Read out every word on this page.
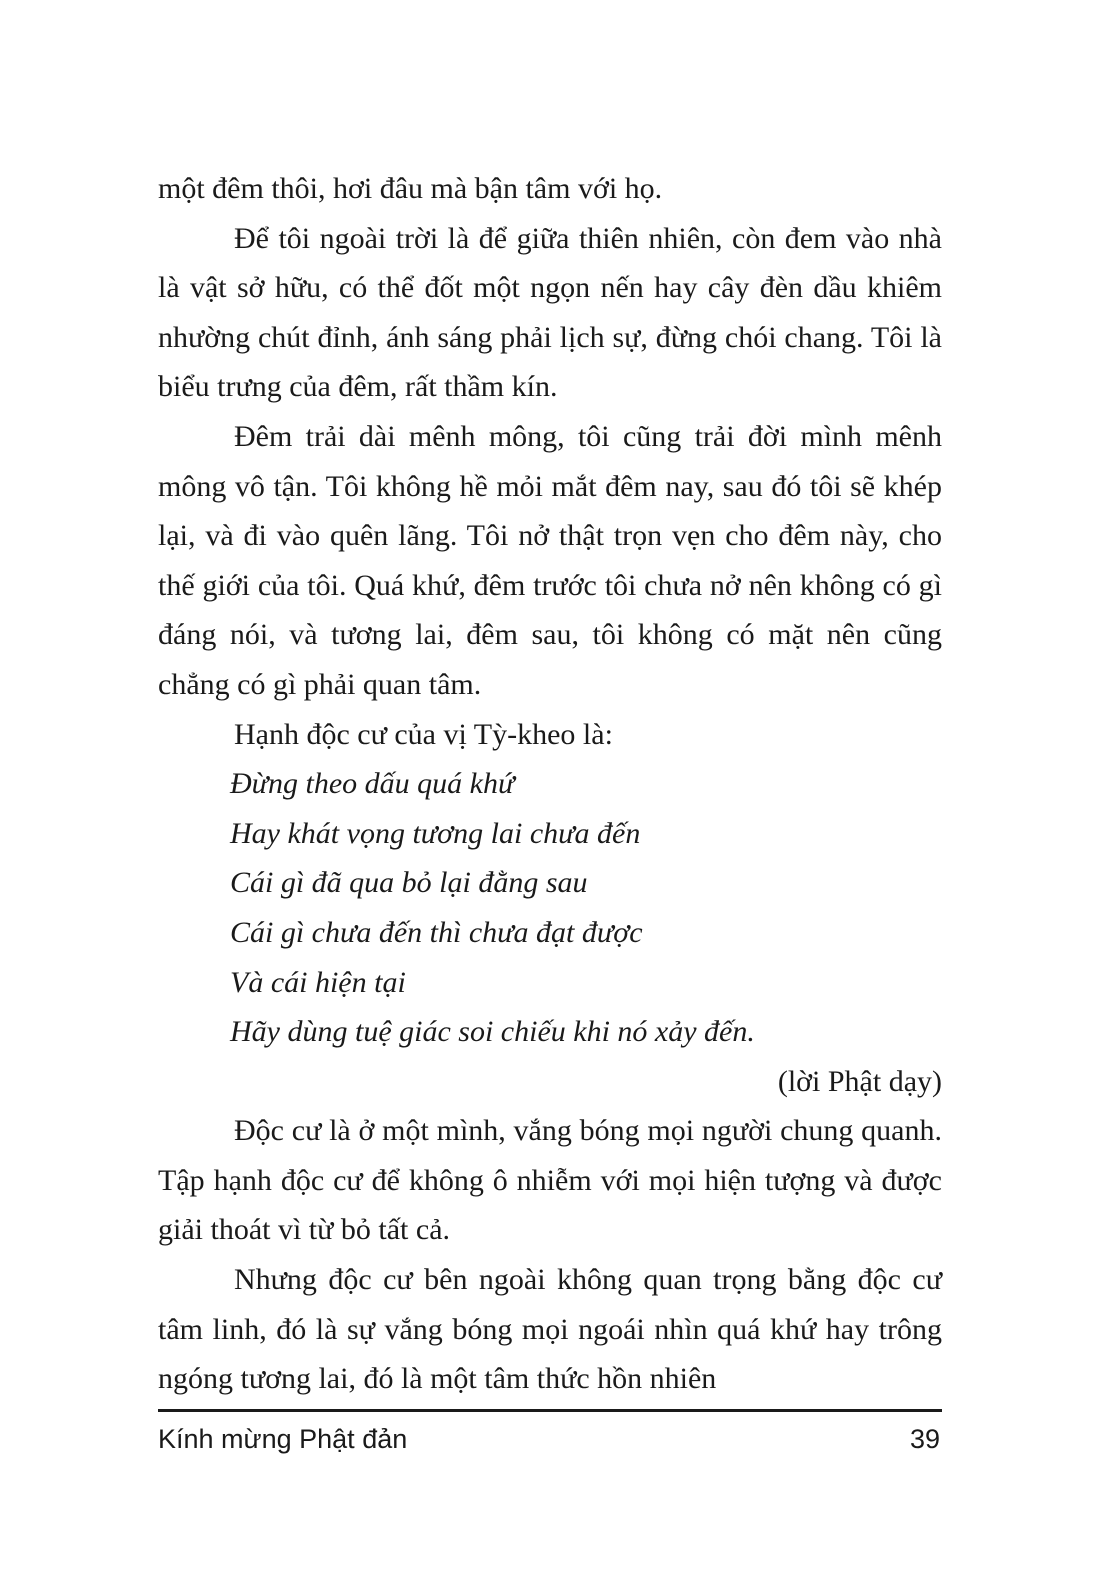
một đêm thôi, hơi đâu mà bận tâm với họ.

Để tôi ngoài trời là để giữa thiên nhiên, còn đem vào nhà là vật sở hữu, có thể đốt một ngọn nến hay cây đèn dầu khiêm nhường chút đỉnh, ánh sáng phải lịch sự, đừng chói chang. Tôi là biểu trưng của đêm, rất thầm kín.

Đêm trải dài mênh mông, tôi cũng trải đời mình mênh mông vô tận. Tôi không hề mỏi mắt đêm nay, sau đó tôi sẽ khép lại, và đi vào quên lãng. Tôi nở thật trọn vẹn cho đêm này, cho thế giới của tôi. Quá khứ, đêm trước tôi chưa nở nên không có gì đáng nói, và tương lai, đêm sau, tôi không có mặt nên cũng chẳng có gì phải quan tâm.

Hạnh độc cư của vị Tỳ-kheo là:

Đừng theo dấu quá khứ

Hay khát vọng tương lai chưa đến

Cái gì đã qua bỏ lại đằng sau

Cái gì chưa đến thì chưa đạt được

Và cái hiện tại

Hãy dùng tuệ giác soi chiếu khi nó xảy đến.

(lời Phật dạy)

Độc cư là ở một mình, vắng bóng mọi người chung quanh. Tập hạnh độc cư để không ô nhiễm với mọi hiện tượng và được giải thoát vì từ bỏ tất cả.

Nhưng độc cư bên ngoài không quan trọng bằng độc cư tâm linh, đó là sự vắng bóng mọi ngoái nhìn quá khứ hay trông ngóng tương lai, đó là một tâm thức hồn nhiên

Kính mừng Phật đản	39
